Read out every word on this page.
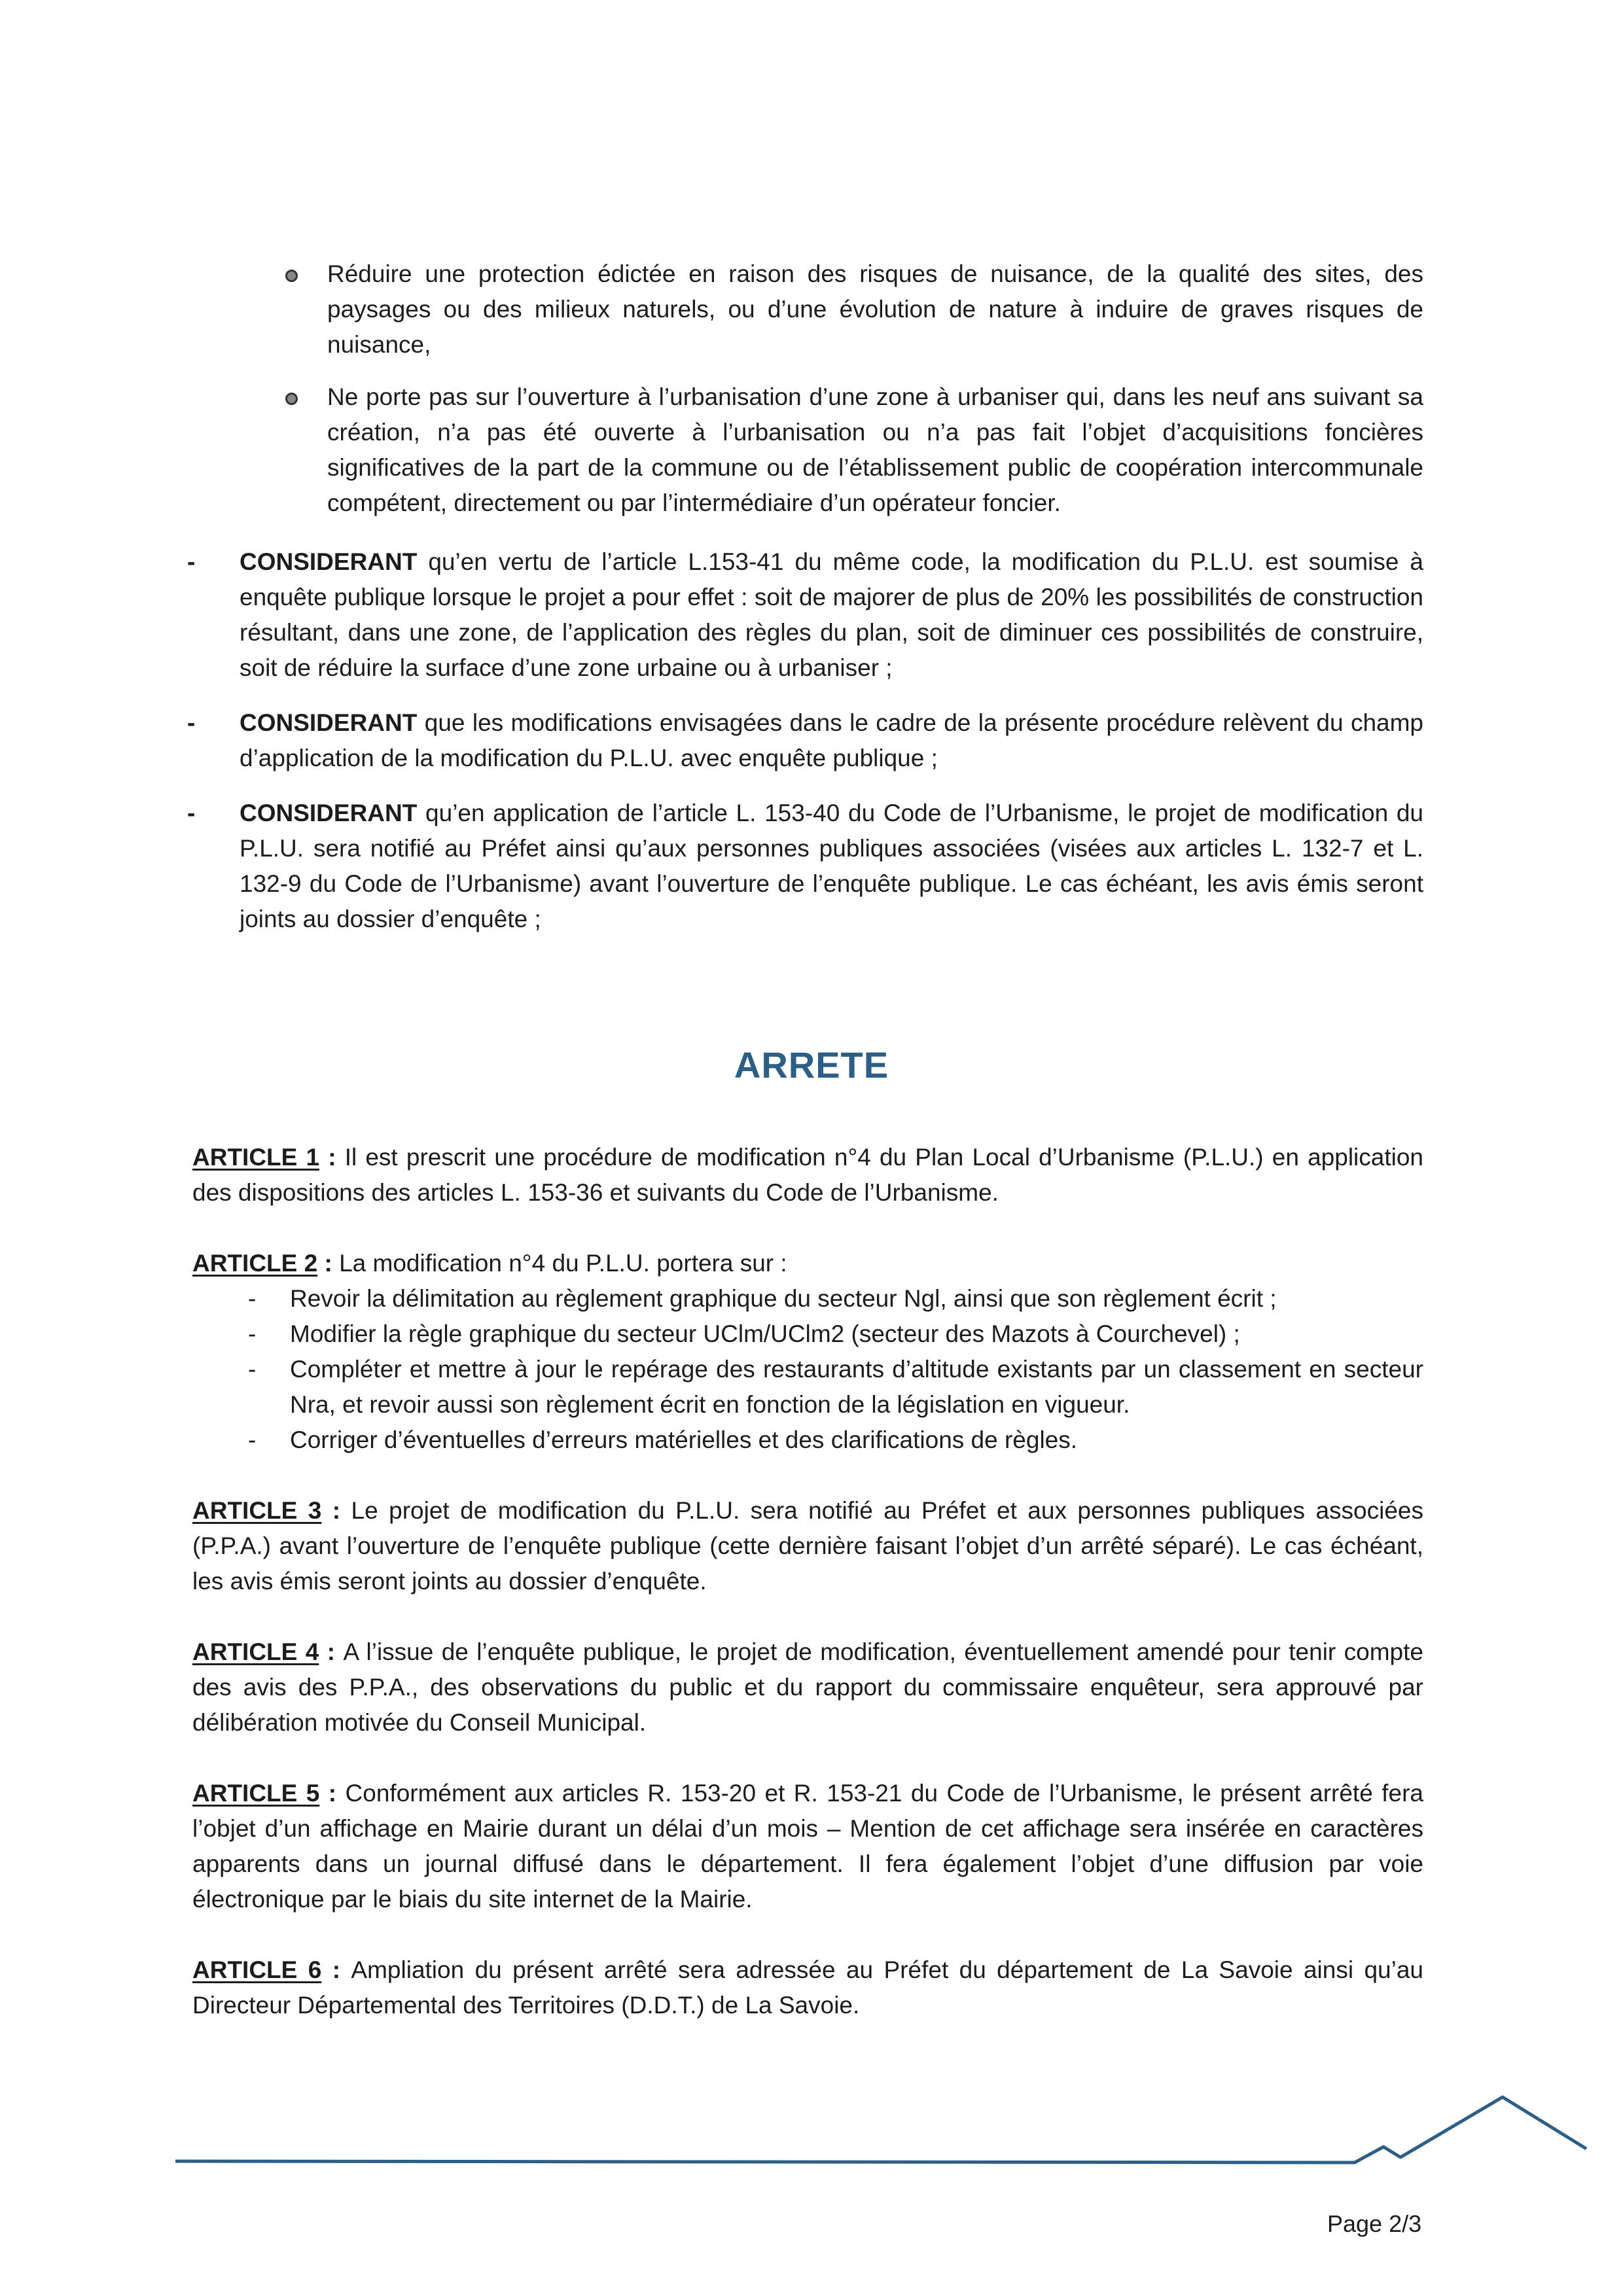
Réduire une protection édictée en raison des risques de nuisance, de la qualité des sites, des paysages ou des milieux naturels, ou d’une évolution de nature à induire de graves risques de nuisance,
Ne porte pas sur l’ouverture à l’urbanisation d’une zone à urbaniser qui, dans les neuf ans suivant sa création, n’a pas été ouverte à l’urbanisation ou n’a pas fait l’objet d’acquisitions foncières significatives de la part de la commune ou de l’établissement public de coopération intercommunale compétent, directement ou par l’intermédiaire d’un opérateur foncier.
- CONSIDERANT qu’en vertu de l’article L.153-41 du même code, la modification du P.L.U. est soumise à enquête publique lorsque le projet a pour effet : soit de majorer de plus de 20% les possibilités de construction résultant, dans une zone, de l’application des règles du plan, soit de diminuer ces possibilités de construire, soit de réduire la surface d’une zone urbaine ou à urbaniser ;
- CONSIDERANT que les modifications envisagées dans le cadre de la présente procédure relèvent du champ d’application de la modification du P.L.U. avec enquête publique ;
- CONSIDERANT qu’en application de l’article L. 153-40 du Code de l’Urbanisme, le projet de modification du P.L.U. sera notifié au Préfet ainsi qu’aux personnes publiques associées (visées aux articles L. 132-7 et L. 132-9 du Code de l’Urbanisme) avant l’ouverture de l’enquête publique. Le cas échéant, les avis émis seront joints au dossier d’enquête ;
ARRETE
ARTICLE 1 : Il est prescrit une procédure de modification n°4 du Plan Local d’Urbanisme (P.L.U.) en application des dispositions des articles L. 153-36 et suivants du Code de l’Urbanisme.
ARTICLE 2 : La modification n°4 du P.L.U. portera sur :
- Revoir la délimitation au règlement graphique du secteur Ngl, ainsi que son règlement écrit ;
- Modifier la règle graphique du secteur UClm/UClm2 (secteur des Mazots à Courchevel) ;
- Compléter et mettre à jour le repérage des restaurants d’altitude existants par un classement en secteur Nra, et revoir aussi son règlement écrit en fonction de la législation en vigueur.
- Corriger d’éventuelles d’erreurs matérielles et des clarifications de règles.
ARTICLE 3 : Le projet de modification du P.L.U. sera notifié au Préfet et aux personnes publiques associées (P.P.A.) avant l’ouverture de l’enquête publique (cette dernière faisant l’objet d’un arrêté séparé). Le cas échéant, les avis émis seront joints au dossier d’enquête.
ARTICLE 4 : A l’issue de l’enquête publique, le projet de modification, éventuellement amendé pour tenir compte des avis des P.P.A., des observations du public et du rapport du commissaire enquêteur, sera approuvé par délibération motivée du Conseil Municipal.
ARTICLE 5 : Conformément aux articles R. 153-20 et R. 153-21 du Code de l’Urbanisme, le présent arrêté fera l’objet d’un affichage en Mairie durant un délai d’un mois – Mention de cet affichage sera insérée en caractères apparents dans un journal diffusé dans le département. Il fera également l’objet d’une diffusion par voie électronique par le biais du site internet de la Mairie.
ARTICLE 6 : Ampliation du présent arrêté sera adressée au Préfet du département de La Savoie ainsi qu’au Directeur Départemental des Territoires (D.D.T.) de La Savoie.
Page 2/3
